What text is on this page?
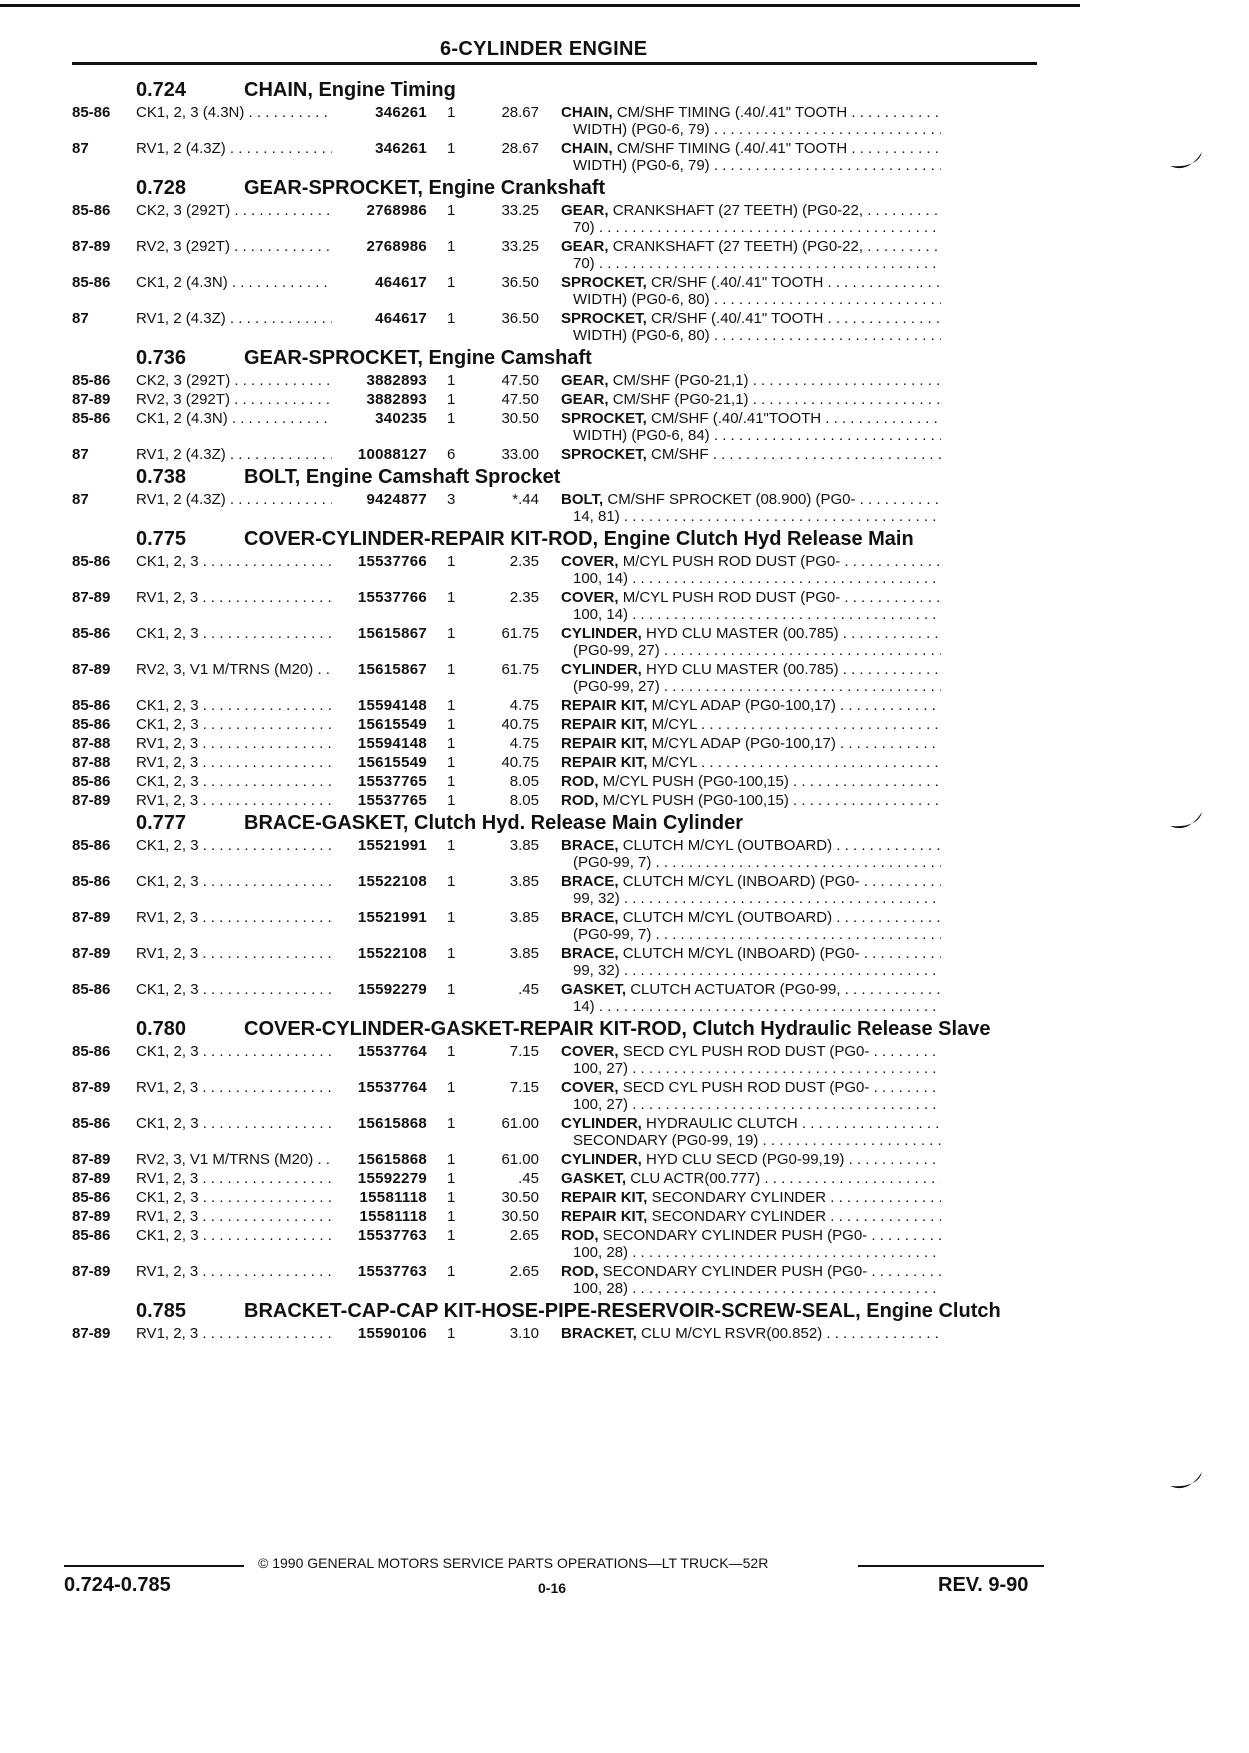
6-CYLINDER ENGINE
0.724	CHAIN, Engine Timing
85-86	CK1, 2, 3 (4.3N) . . .	346261	1	28.67	CHAIN, CM/SHF TIMING (.40/.41" TOOTH . . .
WIDTH) (PG0-6, 79) . . .
87	RV1, 2 (4.3Z) . . .	346261	1	28.67	CHAIN, CM/SHF TIMING (.40/.41" TOOTH . . .
WIDTH) (PG0-6, 79) . . .
0.728	GEAR-SPROCKET, Engine Crankshaft
85-86	CK2, 3 (292T) . . .	2768986	1	33.25	GEAR, CRANKSHAFT (27 TEETH) (PG0-22, . . .
70) . . .
87-89	RV2, 3 (292T) . . .	2768986	1	33.25	GEAR, CRANKSHAFT (27 TEETH) (PG0-22, . . .
70) . . .
85-86	CK1, 2 (4.3N) . . .	464617	1	36.50	SPROCKET, CR/SHF (.40/.41" TOOTH . . .
WIDTH) (PG0-6, 80) . . .
87	RV1, 2 (4.3Z) . . .	464617	1	36.50	SPROCKET, CR/SHF (.40/.41" TOOTH . . .
WIDTH) (PG0-6, 80) . . .
0.736	GEAR-SPROCKET, Engine Camshaft
85-86	CK2, 3 (292T) . . .	3882893	1	47.50	GEAR, CM/SHF (PG0-21,1) . . .
87-89	RV2, 3 (292T) . . .	3882893	1	47.50	GEAR, CM/SHF (PG0-21,1) . . .
85-86	CK1, 2 (4.3N) . . .	340235	1	30.50	SPROCKET, CM/SHF (.40/.41"TOOTH . . .
WIDTH) (PG0-6, 84) . . .
87	RV1, 2 (4.3Z) . . .	10088127	6	33.00	SPROCKET, CM/SHF . . .
0.738	BOLT, Engine Camshaft Sprocket
87	RV1, 2 (4.3Z) . . .	9424877	3	*.44	BOLT, CM/SHF SPROCKET (08.900) (PG0- . . .
14, 81) . . .
0.775	COVER-CYLINDER-REPAIR KIT-ROD, Engine Clutch Hyd Release Main
85-86	CK1, 2, 3 . . .	15537766	1	2.35	COVER, M/CYL PUSH ROD DUST (PG0- . . .
100, 14) . . .
87-89	RV1, 2, 3 . . .	15537766	1	2.35	COVER, M/CYL PUSH ROD DUST (PG0- . . .
100, 14) . . .
85-86	CK1, 2, 3 . . .	15615867	1	61.75	CYLINDER, HYD CLU MASTER (00.785) . . .
(PG0-99, 27) . . .
87-89	RV2, 3, V1 M/TRNS (M20) . . .	15615867	1	61.75	CYLINDER, HYD CLU MASTER (00.785) . . .
(PG0-99, 27) . . .
85-86	CK1, 2, 3 . . .	15594148	1	4.75	REPAIR KIT, M/CYL ADAP (PG0-100,17) . . .
85-86	CK1, 2, 3 . . .	15615549	1	40.75	REPAIR KIT, M/CYL . . .
87-88	RV1, 2, 3 . . .	15594148	1	4.75	REPAIR KIT, M/CYL ADAP (PG0-100,17) . . .
87-88	RV1, 2, 3 . . .	15615549	1	40.75	REPAIR KIT, M/CYL . . .
85-86	CK1, 2, 3 . . .	15537765	1	8.05	ROD, M/CYL PUSH (PG0-100,15) . . .
87-89	RV1, 2, 3 . . .	15537765	1	8.05	ROD, M/CYL PUSH (PG0-100,15) . . .
0.777	BRACE-GASKET, Clutch Hyd. Release Main Cylinder
85-86	CK1, 2, 3 . . .	15521991	1	3.85	BRACE, CLUTCH M/CYL (OUTBOARD) . . .
(PG0-99, 7) . . .
85-86	CK1, 2, 3 . . .	15522108	1	3.85	BRACE, CLUTCH M/CYL (INBOARD) (PG0- . . .
99, 32) . . .
87-89	RV1, 2, 3 . . .	15521991	1	3.85	BRACE, CLUTCH M/CYL (OUTBOARD) . . .
(PG0-99, 7) . . .
87-89	RV1, 2, 3 . . .	15522108	1	3.85	BRACE, CLUTCH M/CYL (INBOARD) (PG0- . . .
99, 32) . . .
85-86	CK1, 2, 3 . . .	15592279	1	.45	GASKET, CLUTCH ACTUATOR (PG0-99, . . .
14) . . .
0.780	COVER-CYLINDER-GASKET-REPAIR KIT-ROD, Clutch Hydraulic Release Slave
85-86	CK1, 2, 3 . . .	15537764	1	7.15	COVER, SECD CYL PUSH ROD DUST (PG0- . . .
100, 27) . . .
87-89	RV1, 2, 3 . . .	15537764	1	7.15	COVER, SECD CYL PUSH ROD DUST (PG0- . . .
100, 27) . . .
85-86	CK1, 2, 3 . . .	15615868	1	61.00	CYLINDER, HYDRAULIC CLUTCH . . .
SECONDARY (PG0-99, 19) . . .
87-89	RV2, 3, V1 M/TRNS (M20) . . .	15615868	1	61.00	CYLINDER, HYD CLU SECD (PG0-99,19) . . .
87-89	RV1, 2, 3 . . .	15592279	1	.45	GASKET, CLU ACTR(00.777) . . .
85-86	CK1, 2, 3 . . .	15581118	1	30.50	REPAIR KIT, SECONDARY CYLINDER . . .
87-89	RV1, 2, 3 . . .	15581118	1	30.50	REPAIR KIT, SECONDARY CYLINDER . . .
85-86	CK1, 2, 3 . . .	15537763	1	2.65	ROD, SECONDARY CYLINDER PUSH (PG0- . . .
100, 28) . . .
87-89	RV1, 2, 3 . . .	15537763	1	2.65	ROD, SECONDARY CYLINDER PUSH (PG0- . . .
100, 28) . . .
0.785	BRACKET-CAP-CAP KIT-HOSE-PIPE-RESERVOIR-SCREW-SEAL, Engine Clutch
87-89	RV1, 2, 3 . . .	15590106	1	3.10	BRACKET, CLU M/CYL RSVR(00.852) . . .
© 1990 GENERAL MOTORS SERVICE PARTS OPERATIONS—LT TRUCK—52R
0.724-0.785	0-16	REV. 9-90
